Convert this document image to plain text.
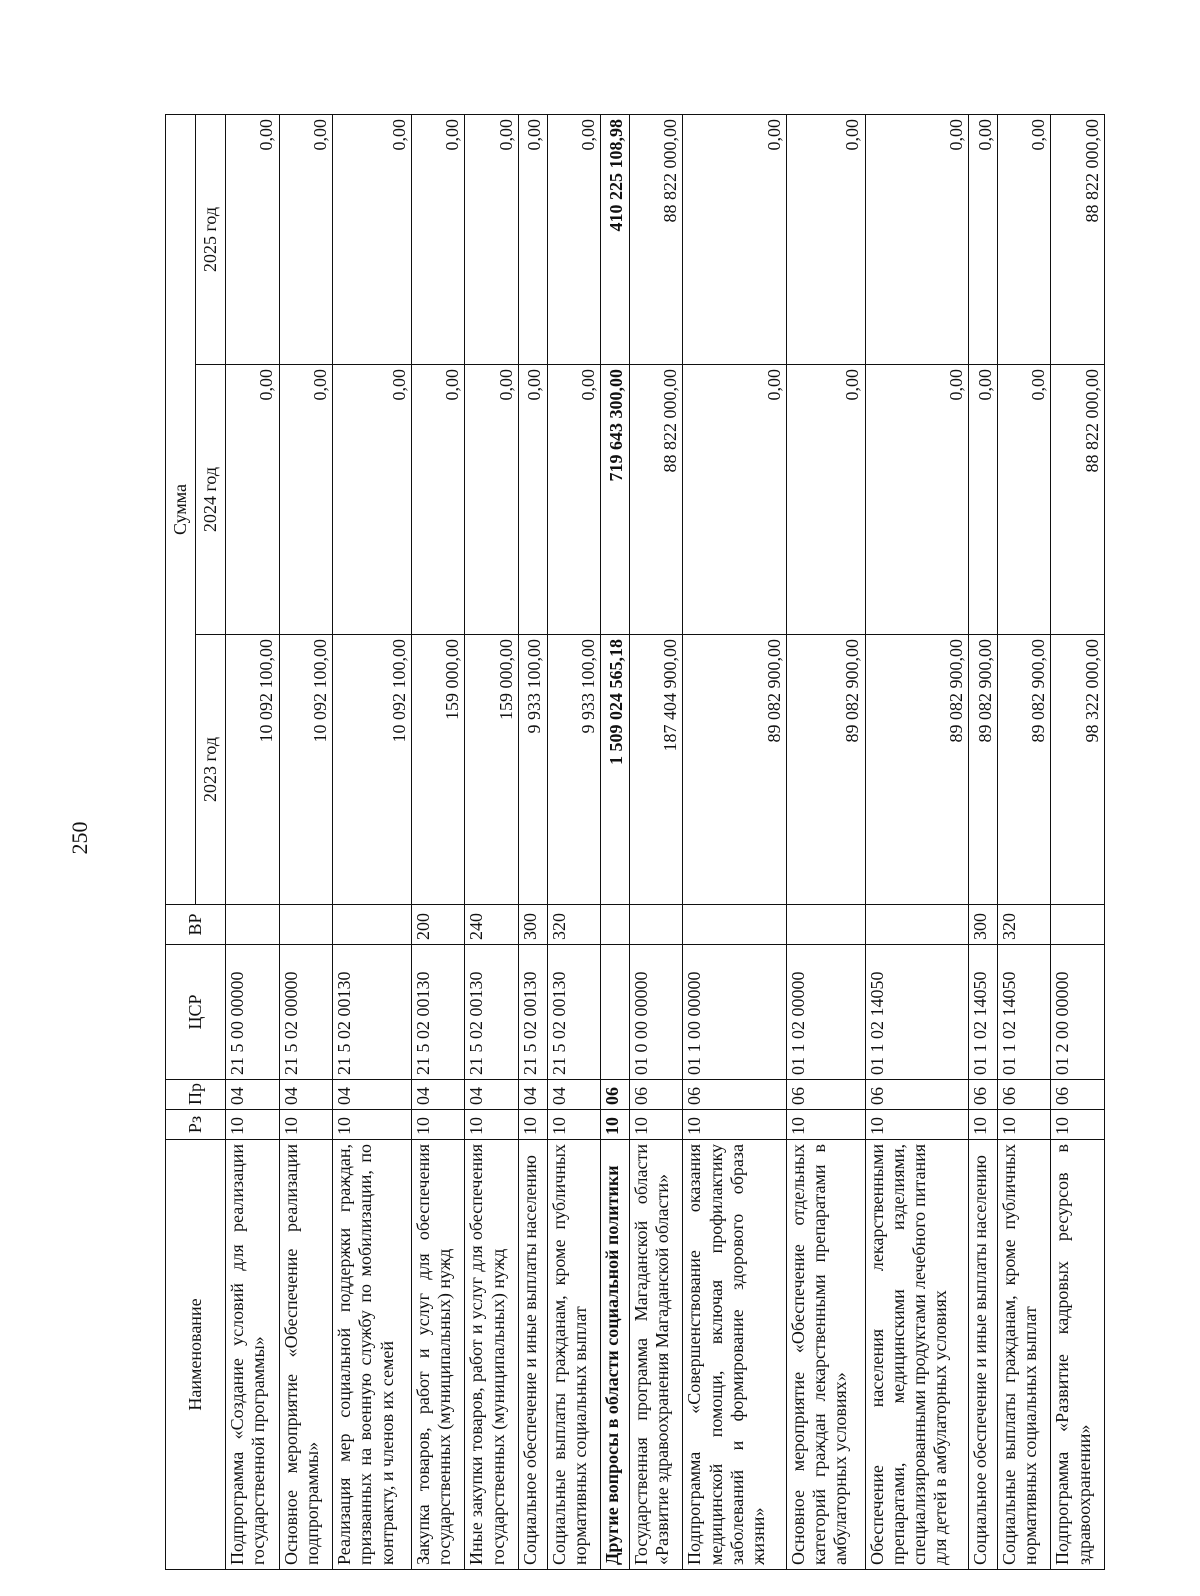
250
Наименование	Рз	Пр	ЦСР	ВР	Сумма		
					2023 год	2024 год	2025 год
Подпрограмма «Создание условий для реализации государственной программы»	10	04	21 5 00 00000		10 092 100,00	0,00	0,00
Основное мероприятие «Обеспечение реализации подпрограммы»	10	04	21 5 02 00000		10 092 100,00	0,00	0,00
Реализация мер социальной поддержки граждан, призванных на военную службу по мобилизации, по контракту, и членов их семей	10	04	21 5 02 00130		10 092 100,00	0,00	0,00
Закупка товаров, работ и услуг для обеспечения государственных (муниципальных) нужд	10	04	21 5 02 00130	200	159 000,00	0,00	0,00
Иные закупки товаров, работ и услуг для обеспечения государственных (муниципальных) нужд	10	04	21 5 02 00130	240	159 000,00	0,00	0,00
Социальное обеспечение и иные выплаты населению	10	04	21 5 02 00130	300	9 933 100,00	0,00	0,00
Социальные выплаты гражданам, кроме публичных нормативных социальных выплат	10	04	21 5 02 00130	320	9 933 100,00	0,00	0,00
Другие вопросы в области социальной политики	10	06			1 509 024 565,18	719 643 300,00	410 225 108,98
Государственная программа Магаданской области «Развитие здравоохранения Магаданской области»	10	06	01 0 00 00000		187 404 900,00	88 822 000,00	88 822 000,00
Подпрограмма «Совершенствование оказания медицинской помощи, включая профилактику заболеваний и формирование здорового образа жизни»	10	06	01 1 00 00000		89 082 900,00	0,00	0,00
Основное мероприятие «Обеспечение отдельных категорий граждан лекарственными препаратами в амбулаторных условиях»	10	06	01 1 02 00000		89 082 900,00	0,00	0,00
Обеспечение населения лекарственными препаратами, медицинскими изделиями, специализированными продуктами лечебного питания для детей в амбулаторных условиях	10	06	01 1 02 14050		89 082 900,00	0,00	0,00
Социальное обеспечение и иные выплаты населению	10	06	01 1 02 14050	300	89 082 900,00	0,00	0,00
Социальные выплаты гражданам, кроме публичных нормативных социальных выплат	10	06	01 1 02 14050	320	89 082 900,00	0,00	0,00
Подпрограмма «Развитие кадровых ресурсов в здравоохранении»	10	06	01 2 00 00000		98 322 000,00	88 822 000,00	88 822 000,00
